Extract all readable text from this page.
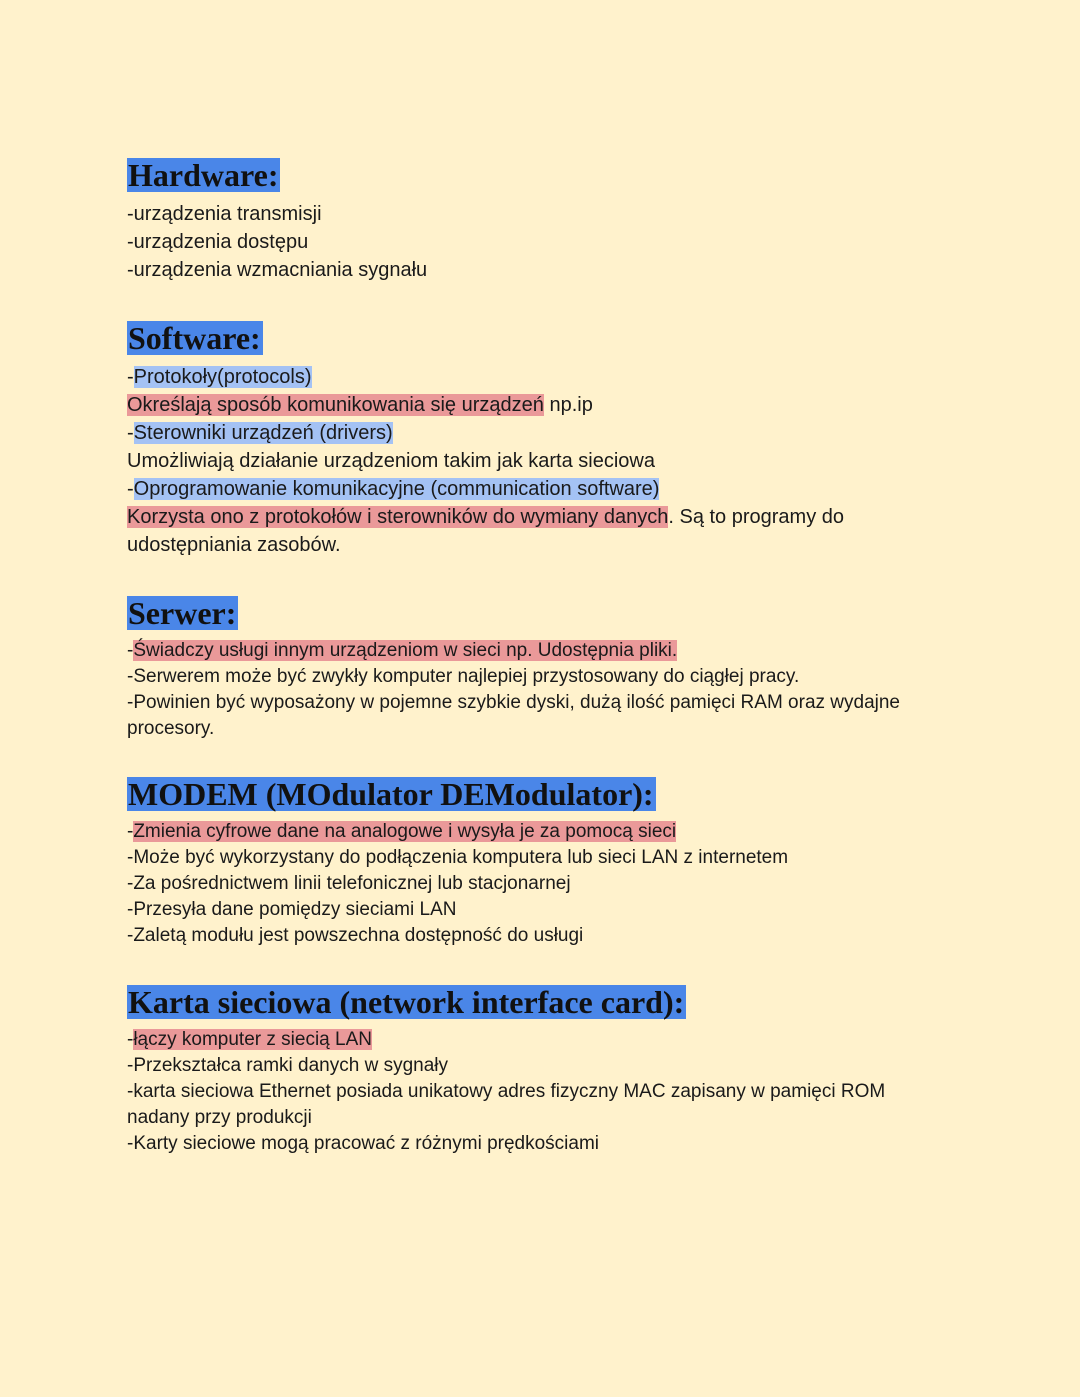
Hardware:
-urządzenia transmisji
-urządzenia dostępu
-urządzenia wzmacniania sygnału
Software:
-Protokoły(protocols)
Określają sposób komunikowania się urządzeń np.ip
-Sterowniki urządzeń (drivers)
Umożliwiają działanie urządzeniom takim jak karta sieciowa
-Oprogramowanie komunikacyjne (communication software)
Korzysta ono z protokołów i sterowników do wymiany danych. Są to programy do udostępniania zasobów.
Serwer:
-Świadczy usługi innym urządzeniom w sieci np. Udostępnia pliki.
-Serwerem może być zwykły komputer najlepiej przystosowany do ciągłej pracy.
-Powinien być wyposażony w pojemne szybkie dyski, dużą ilość pamięci RAM oraz wydajne procesory.
MODEM (MOdulator DEModulator):
-Zmienia cyfrowe dane na analogowe i wysyła je za pomocą sieci
-Może być wykorzystany do podłączenia komputera lub sieci LAN z internetem
-Za pośrednictwem linii telefonicznej lub stacjonarnej
-Przesyła dane pomiędzy sieciami LAN
-Zaletą modułu jest powszechna dostępność do usługi
Karta sieciowa (network interface card):
-łączy komputer z siecią LAN
-Przekształca ramki danych w sygnały
-karta sieciowa Ethernet posiada unikatowy adres fizyczny MAC zapisany w pamięci ROM nadany przy produkcji
-Karty sieciowe mogą pracować z różnymi prędkościami
